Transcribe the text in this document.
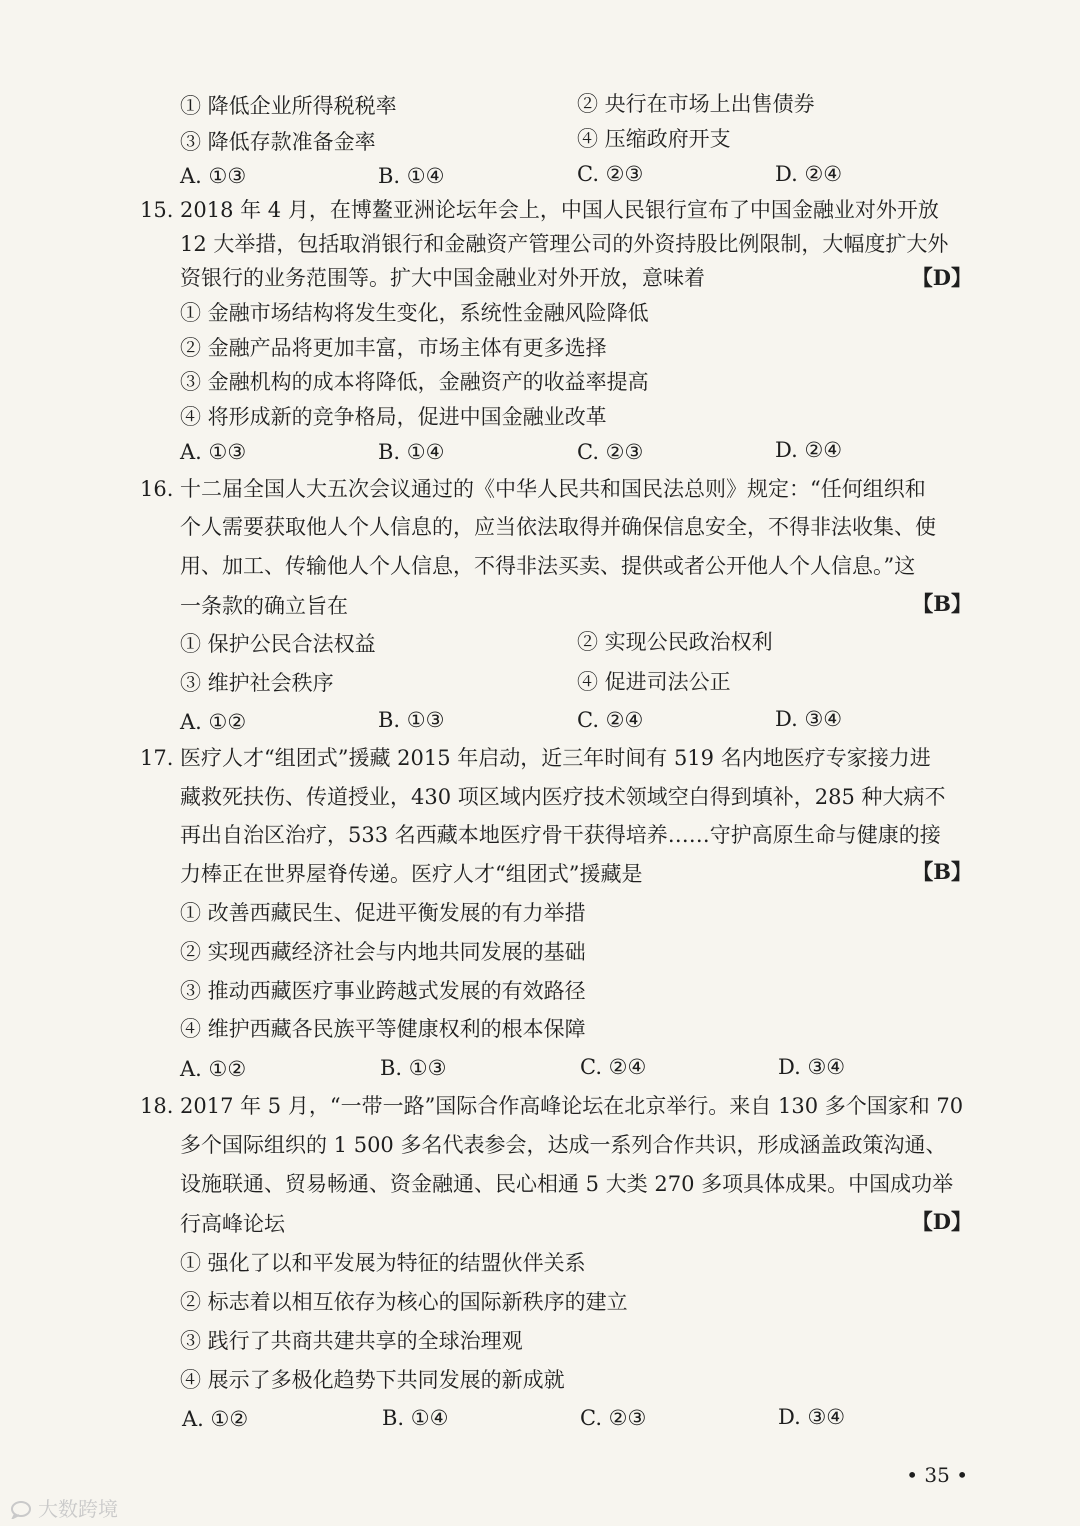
① 降低企业所得税税率	② 央行在市场上出售债券
③ 降低存款准备金率	④ 压缩政府开支
A. ①③	B. ①④	C. ②③	D. ②④
15. 2018 年 4 月，在博鳌亚洲论坛年会上，中国人民银行宣布了中国金融业对外开放
12 大举措，包括取消银行和金融资产管理公司的外资持股比例限制，大幅度扩大外
资银行的业务范围等。扩大中国金融业对外开放，意味着	【D】
① 金融市场结构将发生变化，系统性金融风险降低
② 金融产品将更加丰富，市场主体有更多选择
③ 金融机构的成本将降低，金融资产的收益率提高
④ 将形成新的竞争格局，促进中国金融业改革
A. ①③	B. ①④	C. ②③	D. ②④
16. 十二届全国人大五次会议通过的《中华人民共和国民法总则》规定：“任何组织和
个人需要获取他人个人信息的，应当依法取得并确保信息安全，不得非法收集、使
用、加工、传输他人个人信息，不得非法买卖、提供或者公开他人个人信息。”这
一条款的确立旨在	【B】
① 保护公民合法权益	② 实现公民政治权利
③ 维护社会秩序	④ 促进司法公正
A. ①②	B. ①③	C. ②④	D. ③④
17. 医疗人才“组团式”援藏 2015 年启动，近三年时间有 519 名内地医疗专家接力进
藏救死扶伤、传道授业，430 项区域内医疗技术领域空白得到填补，285 种大病不
再出自治区治疗，533 名西藏本地医疗骨干获得培养……守护高原生命与健康的接
力棒正在世界屋脊传递。医疗人才“组团式”援藏是	【B】
① 改善西藏民生、促进平衡发展的有力举措
② 实现西藏经济社会与内地共同发展的基础
③ 推动西藏医疗事业跨越式发展的有效路径
④ 维护西藏各民族平等健康权利的根本保障
A. ①②	B. ①③	C. ②④	D. ③④
18. 2017 年 5 月，“一带一路”国际合作高峰论坛在北京举行。来自 130 多个国家和 70
多个国际组织的 1 500 多名代表参会，达成一系列合作共识，形成涵盖政策沟通、
设施联通、贸易畅通、资金融通、民心相通 5 大类 270 多项具体成果。中国成功举
行高峰论坛	【D】
① 强化了以和平发展为特征的结盟伙伴关系
② 标志着以相互依存为核心的国际新秩序的建立
③ 践行了共商共建共享的全球治理观
④ 展示了多极化趋势下共同发展的新成就
A. ①②	B. ①④	C. ②③	D. ③④
• 35 •
大数跨境
